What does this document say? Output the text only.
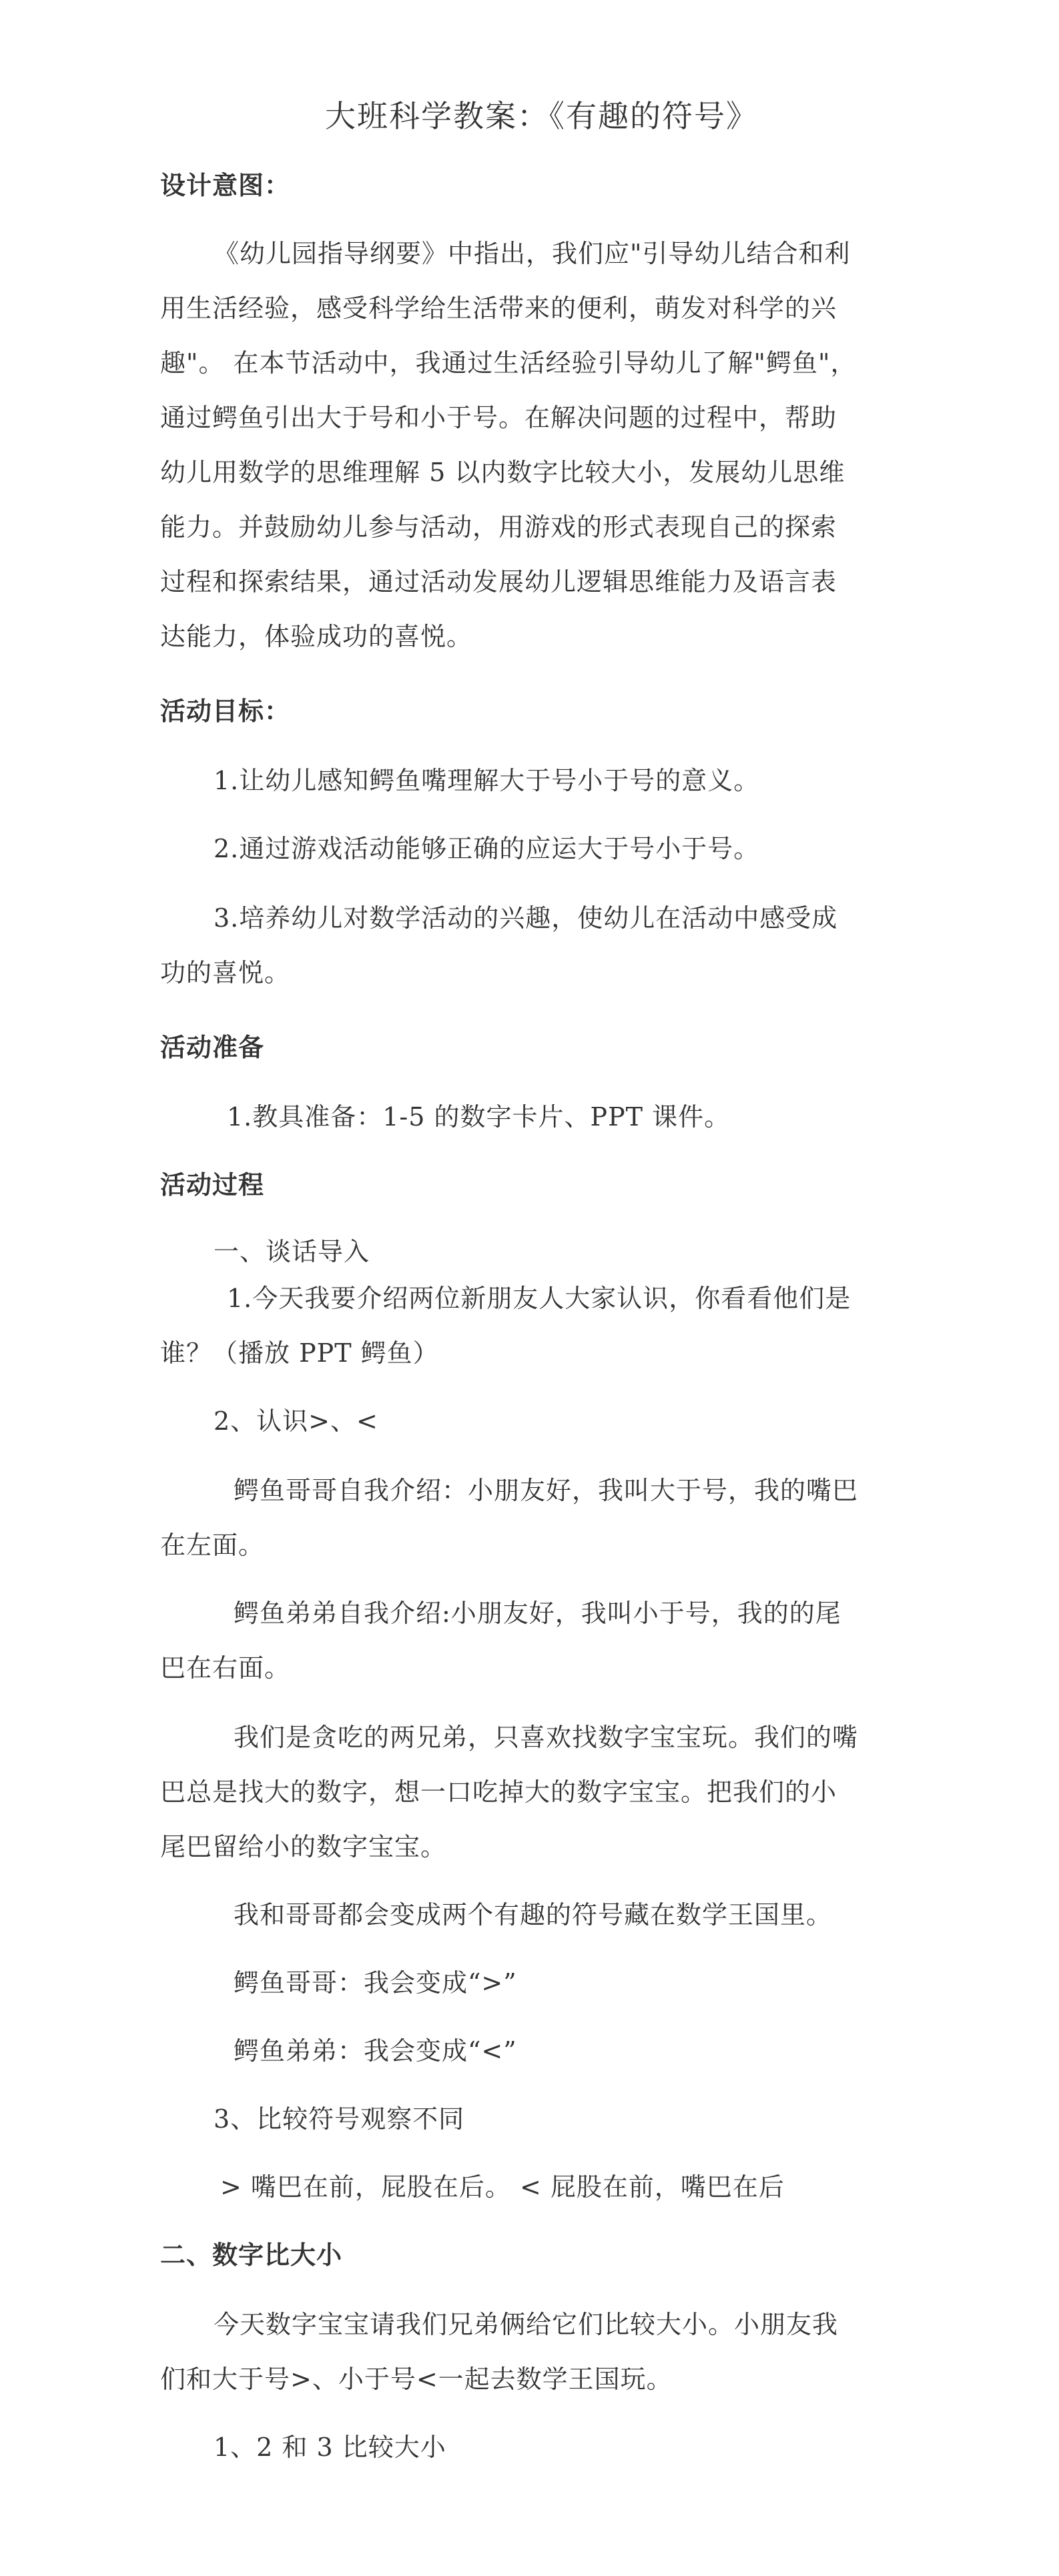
大班科学教案：《有趣的符号》
设计意图：
《幼儿园指导纲要》中指出，我们应"引导幼儿结合和利
用生活经验，感受科学给生活带来的便利，萌发对科学的兴
趣"。 在本节活动中，我通过生活经验引导幼儿了解"鳄鱼"，
通过鳄鱼引出大于号和小于号。在解决问题的过程中，帮助
幼儿用数学的思维理解 5 以内数字比较大小，发展幼儿思维
能力。并鼓励幼儿参与活动，用游戏的形式表现自己的探索
过程和探索结果，通过活动发展幼儿逻辑思维能力及语言表
达能力，体验成功的喜悦。
活动目标：
1.让幼儿感知鳄鱼嘴理解大于号小于号的意义。
2.通过游戏活动能够正确的应运大于号小于号。
3.培养幼儿对数学活动的兴趣，使幼儿在活动中感受成
功的喜悦。
活动准备
1.教具准备：1-5 的数字卡片、PPT 课件。
活动过程
一、谈话导入
1.今天我要介绍两位新朋友人大家认识，你看看他们是
谁？（播放 PPT 鳄鱼）
2、认识>、<
鳄鱼哥哥自我介绍：小朋友好，我叫大于号，我的嘴巴
在左面。
鳄鱼弟弟自我介绍:小朋友好，我叫小于号，我的的尾
巴在右面。
我们是贪吃的两兄弟，只喜欢找数字宝宝玩。我们的嘴
巴总是找大的数字，想一口吃掉大的数字宝宝。把我们的小
尾巴留给小的数字宝宝。
我和哥哥都会变成两个有趣的符号藏在数学王国里。
鳄鱼哥哥：我会变成“>”
鳄鱼弟弟：我会变成“<”
3、比较符号观察不同
> 嘴巴在前，屁股在后。 < 屁股在前，嘴巴在后
二、数字比大小
今天数字宝宝请我们兄弟俩给它们比较大小。小朋友我
们和大于号>、小于号<一起去数学王国玩。
1、2 和 3 比较大小
